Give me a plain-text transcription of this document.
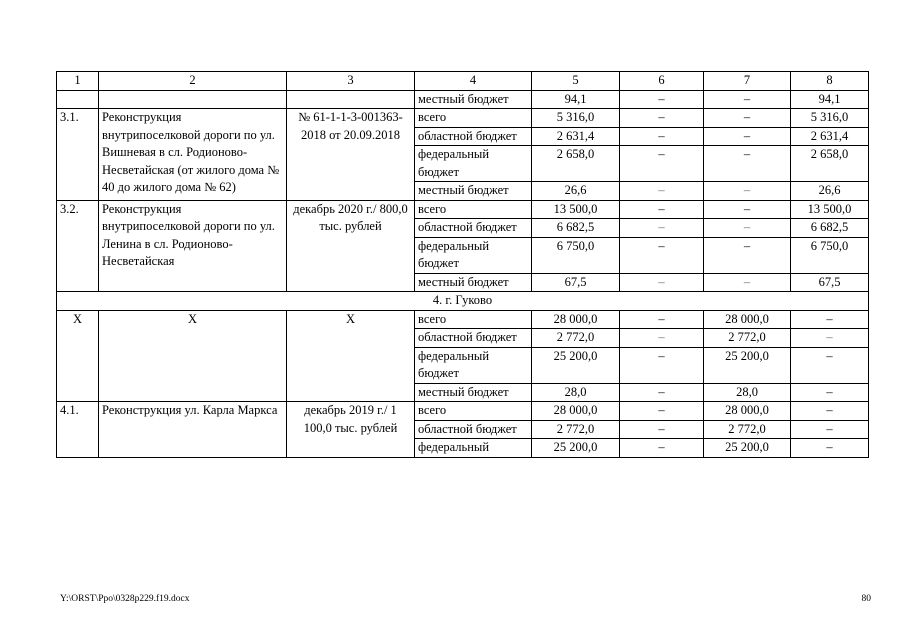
1	2	3	4	5	6	7	8
			местный бюджет	94,1	–	–	94,1
3.1.	Реконструкция внутрипоселковой дороги по ул. Вишневая в сл. Родионово-Несветайская (от жилого дома № 40 до жилого дома № 62)	№ 61-1-1-3-001363-2018 от 20.09.2018	всего	5 316,0	–	–	5 316,0
			областной бюджет	2 631,4	–	–	2 631,4
			федеральный бюджет	2 658,0	–	–	2 658,0
			местный бюджет	26,6	–	–	26,6
3.2.	Реконструкция внутрипоселковой дороги по ул. Ленина в сл. Родионово-Несветайская	декабрь 2020 г./ 800,0 тыс. рублей	всего	13 500,0	–	–	13 500,0
			областной бюджет	6 682,5	–	–	6 682,5
			федеральный бюджет	6 750,0	–	–	6 750,0
			местный бюджет	67,5	–	–	67,5
4. г. Гуково							
Х	Х	Х	всего	28 000,0	–	28 000,0	–
			областной бюджет	2 772,0	–	2 772,0	–
			федеральный бюджет	25 200,0	–	25 200,0	–
			местный бюджет	28,0	–	28,0	–
4.1.	Реконструкция ул. Карла Маркса	декабрь 2019 г./ 1 100,0 тыс. рублей	всего	28 000,0	–	28 000,0	–
			областной бюджет	2 772,0	–	2 772,0	–
			федеральный	25 200,0	–	25 200,0	–
Y:\ORST\Ppo\0328p229.f19.docx	80
